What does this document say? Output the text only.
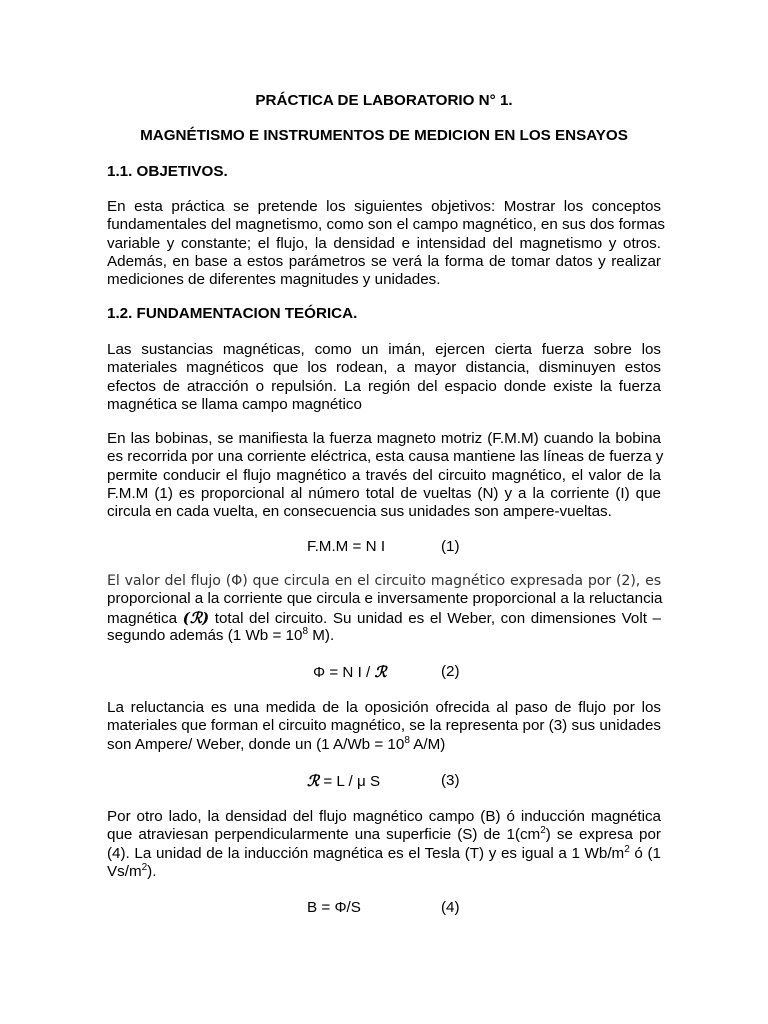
PRÁCTICA DE LABORATORIO N° 1.

MAGNÉTISMO E INSTRUMENTOS DE MEDICION EN LOS ENSAYOS

1.1. OBJETIVOS.

En esta práctica se pretende los siguientes objetivos: Mostrar los conceptos
fundamentales del magnetismo, como son el campo magnético, en sus dos formas
variable y constante; el flujo, la densidad e intensidad del magnetismo y otros.
Además, en base a estos parámetros se verá la forma de tomar datos y realizar
mediciones de diferentes magnitudes y unidades.

1.2. FUNDAMENTACION TEÓRICA.

Las sustancias magnéticas, como un imán, ejercen cierta fuerza sobre los
materiales magnéticos que los rodean, a mayor distancia, disminuyen estos
efectos de atracción o repulsión. La región del espacio donde existe la fuerza
magnética se llama campo magnético

En las bobinas, se manifiesta la fuerza magneto motriz (F.M.M) cuando la bobina
es recorrida por una corriente eléctrica, esta causa mantiene las líneas de fuerza y
permite conducir el flujo magnético a través del circuito magnético, el valor de la
F.M.M (1) es proporcional al número total de vueltas (N) y a la corriente (I) que
circula en cada vuelta, en consecuencia sus unidades son ampere-vueltas.

F.M.M = N I	(1)

El valor del flujo (Φ) que circula en el circuito magnético expresada por (2), es
proporcional a la corriente que circula e inversamente proporcional a la reluctancia
magnética (ℛ) total del circuito. Su unidad es el Weber, con dimensiones Volt –
segundo además (1 $Wb = 10^8$ M).

Φ = N I / ℛ	(2)

La reluctancia es una medida de la oposición ofrecida al paso de flujo por los
materiales que forman el circuito magnético, se la representa por (3) sus unidades
son Ampere/ Weber, donde un (1 $A/Wb = 10^8$ A/M)

ℛ = L / μ S	(3)

Por otro lado, la densidad del flujo magnético campo (B) ó inducción magnética
que atraviesan perpendicularmente una superficie (S) de $1(cm^2)$ se expresa por
(4). La unidad de la inducción magnética es el Tesla (T) y es igual a 1 $Wb/m^2$ ó (1
$Vs/m^2$).

B = Φ/S	(4)
